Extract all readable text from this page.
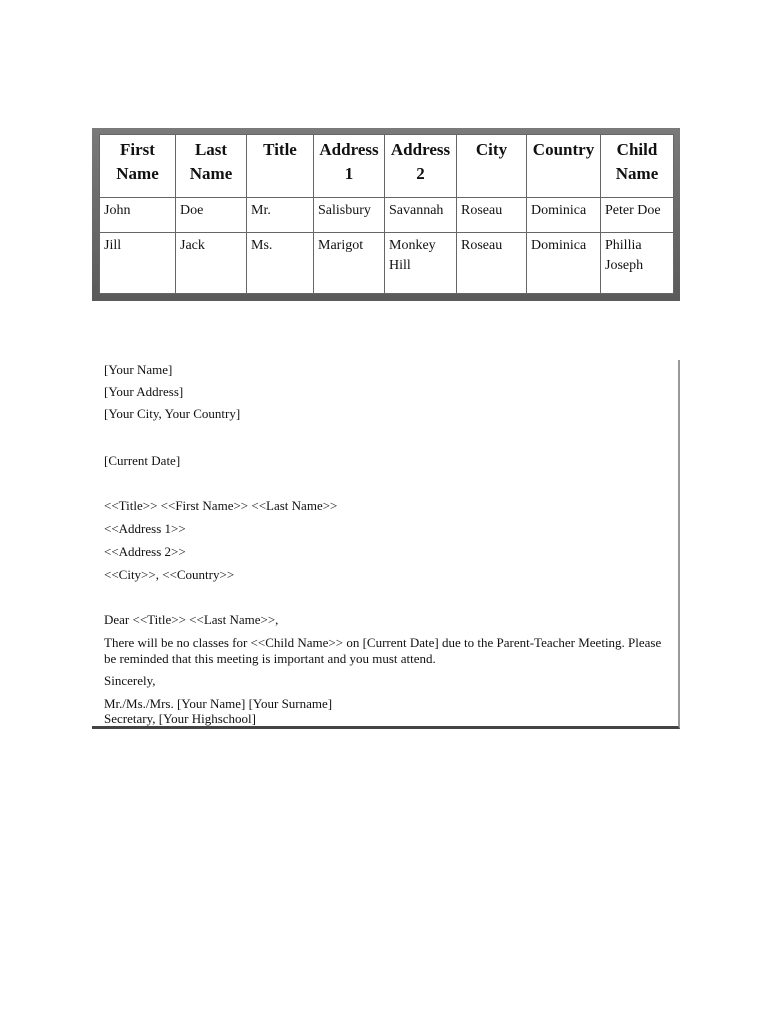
First Name	Last Name	Title	Address 1	Address 2	City	Country	Child Name
John	Doe	Mr.	Salisbury	Savannah	Roseau	Dominica	Peter Doe
Jill	Jack	Ms.	Marigot	Monkey Hill	Roseau	Dominica	Phillia Joseph

[Your Name]

[Your Address]

[Your City, Your Country]

[Current Date]

<<Title>> <<First Name>> <<Last Name>>

<<Address 1>>

<<Address 2>>

<<City>>, <<Country>>

Dear <<Title>> <<Last Name>>,

There will be no classes for <<Child Name>> on [Current Date] due to the Parent-Teacher Meeting. Please be reminded that this meeting is important and you must attend.

Sincerely,

Mr./Ms./Mrs. [Your Name] [Your Surname]

Secretary, [Your Highschool]
